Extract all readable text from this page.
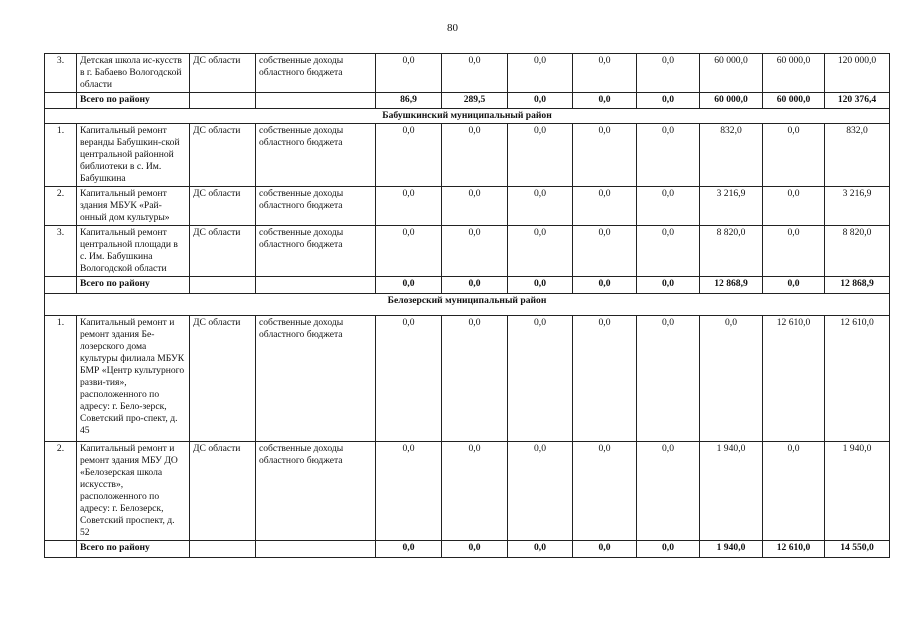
80
3.	Детская школа ис-кусств в г. Бабаево Вологодской области	ДС области	собственные доходы областного бюджета	0,0	0,0	0,0	0,0	0,0	60 000,0	60 000,0	120 000,0
	Всего по району			86,9	289,5	0,0	0,0	0,0	60 000,0	60 000,0	120 376,4
Бабушкинский муниципальный район											
1.	Капитальный ремонт веранды Бабушкин-ской центральной районной библиотеки в с. Им. Бабушкина	ДС области	собственные доходы областного бюджета	0,0	0,0	0,0	0,0	0,0	832,0	0,0	832,0
2.	Капитальный ремонт здания МБУК «Рай-онный дом культуры»	ДС области	собственные доходы областного бюджета	0,0	0,0	0,0	0,0	0,0	3 216,9	0,0	3 216,9
3.	Капитальный ремонт центральной площади в с. Им. Бабушкина Вологодской области	ДС области	собственные доходы областного бюджета	0,0	0,0	0,0	0,0	0,0	8 820,0	0,0	8 820,0
	Всего по району			0,0	0,0	0,0	0,0	0,0	12 868,9	0,0	12 868,9
Белозерский муниципальный район											
1.	Капитальный ремонт и ремонт здания Бе-лозерского дома культуры филиала МБУК БМР «Центр культурного разви-тия», расположенного по адресу: г. Бело-зерск, Советский про-спект, д. 45	ДС области	собственные доходы областного бюджета	0,0	0,0	0,0	0,0	0,0	0,0	12 610,0	12 610,0
2.	Капитальный ремонт и ремонт здания МБУ ДО «Белозерская школа искусств», расположенного по адресу: г. Белозерск, Советский проспект, д. 52	ДС области	собственные доходы областного бюджета	0,0	0,0	0,0	0,0	0,0	1 940,0	0,0	1 940,0
	Всего по району			0,0	0,0	0,0	0,0	0,0	1 940,0	12 610,0	14 550,0
